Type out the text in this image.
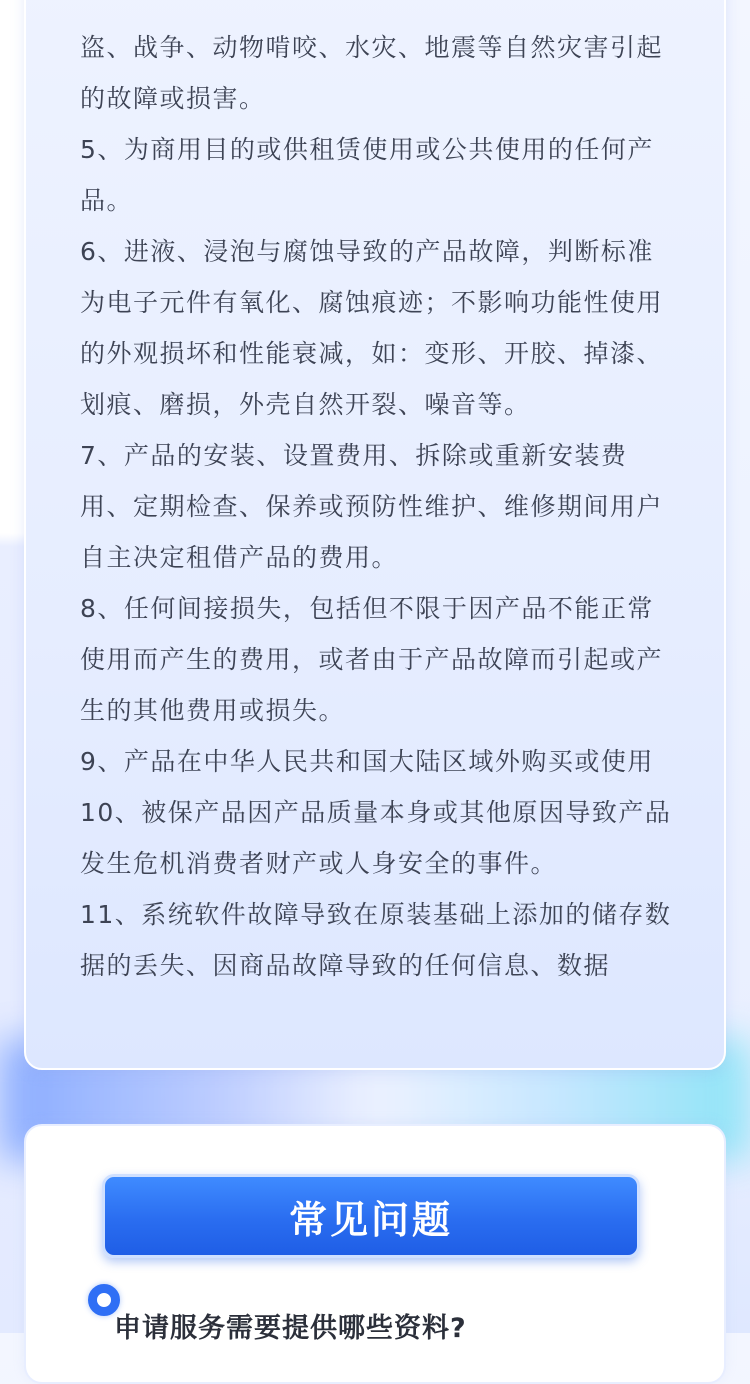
盗、战争、动物啃咬、水灾、地震等自然灾害引起的故障或损害。

5、为商用目的或供租赁使用或公共使用的任何产品。

6、进液、浸泡与腐蚀导致的产品故障，判断标准为电子元件有氧化、腐蚀痕迹；不影响功能性使用的外观损坏和性能衰减，如：变形、开胶、掉漆、划痕、磨损，外壳自然开裂、噪音等。

7、产品的安装、设置费用、拆除或重新安装费用、定期检查、保养或预防性维护、维修期间用户自主决定租借产品的费用。

8、任何间接损失，包括但不限于因产品不能正常使用而产生的费用，或者由于产品故障而引起或产生的其他费用或损失。

9、产品在中华人民共和国大陆区域外购买或使用

10、被保产品因产品质量本身或其他原因导致产品发生危机消费者财产或人身安全的事件。

11、系统软件故障导致在原装基础上添加的储存数据的丢失、因商品故障导致的任何信息、数据

常见问题
申请服务需要提供哪些资料?
